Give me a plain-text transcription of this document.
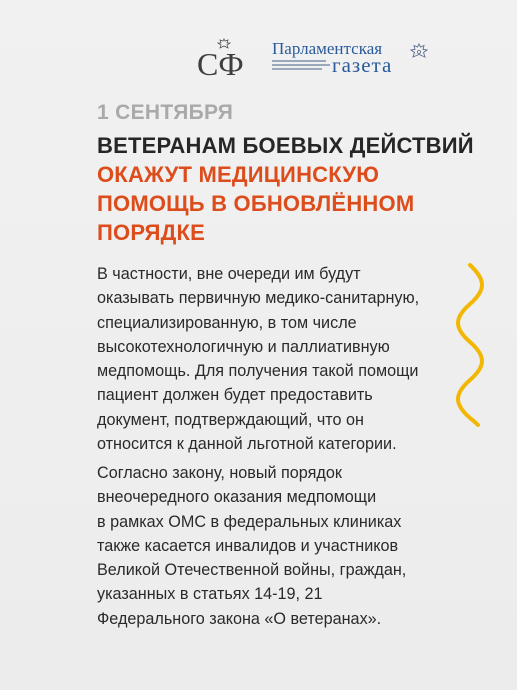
СФ Парламентская
газета
1 СЕНТЯБРЯ
ВЕТЕРАНАМ БОЕВЫХ ДЕЙСТВИЙ
ОКАЖУТ МЕДИЦИНСКУЮ
ПОМОЩЬ В ОБНОВЛЁННОМ
ПОРЯДКЕ
В частности, вне очереди им будут
оказывать первичную медико-санитарную,
специализированную, в том числе
высокотехнологичную и паллиативную
медпомощь. Для получения такой помощи
пациент должен будет предоставить
документ, подтверждающий, что он
относится к данной льготной категории.
Согласно закону, новый порядок
внеочередного оказания медпомощи
в рамках ОМС в федеральных клиниках
также касается инвалидов и участников
Великой Отечественной войны, граждан,
указанных в статьях 14-19, 21
Федерального закона «О ветеранах».
